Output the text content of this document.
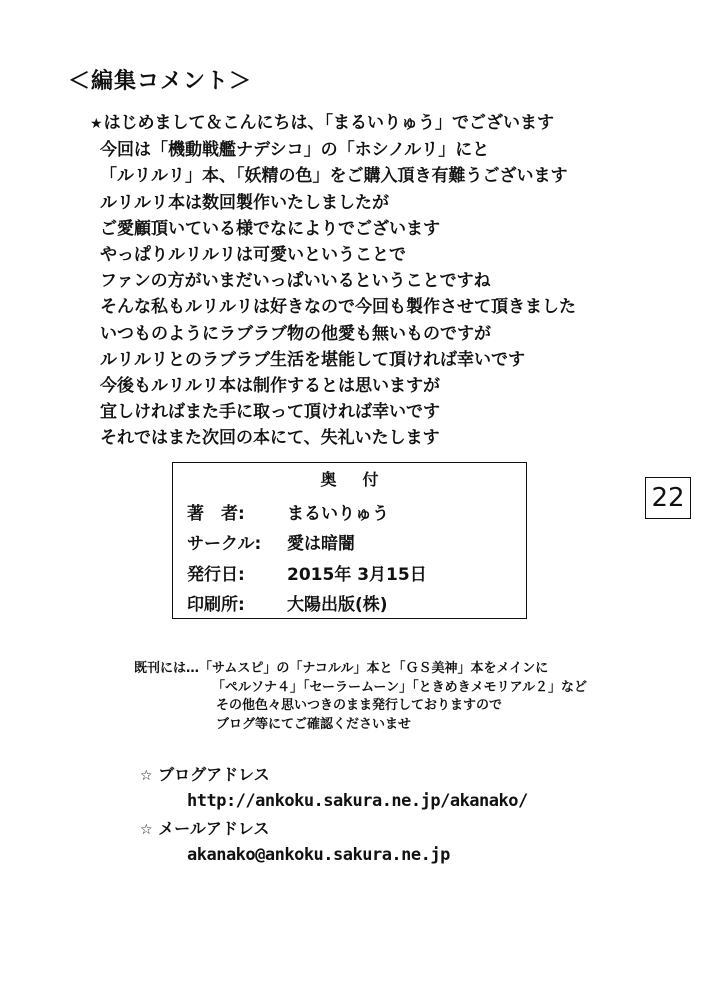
＜編集コメント＞
★はじめまして＆こんにちは、「まるいりゅう」でございます
今回は「機動戦艦ナデシコ」の「ホシノルリ」にと
「ルリルリ」本、「妖精の色」をご購入頂き有難うございます
ルリルリ本は数回製作いたしましたが
ご愛顧頂いている様でなによりでございます
やっぱりルリルリは可愛いということで
ファンの方がいまだいっぱいいるということですね
そんな私もルリルリは好きなので今回も製作させて頂きました
いつものようにラブラブ物の他愛も無いものですが
ルリルリとのラブラブ生活を堪能して頂ければ幸いです
今後もルリルリ本は制作するとは思いますが
宜しければまた手に取って頂ければ幸いです
それではまた次回の本にて、失礼いたします
奥付
著　者: まるいりゅう
サークル: 愛は暗闇
発行日: 2015年 3月15日
印刷所: 大陽出版(株)
22
既刊には…「サムスピ」の「ナコルル」本と「ＧＳ美神」本をメインに
「ペルソナ４」「セーラームーン」「ときめきメモリアル２」など
その他色々思いつきのまま発行しておりますので
ブログ等にてご確認くださいませ
☆ ブログアドレス
http://ankoku.sakura.ne.jp/akanako/
☆ メールアドレス
akanako@ankoku.sakura.ne.jp
